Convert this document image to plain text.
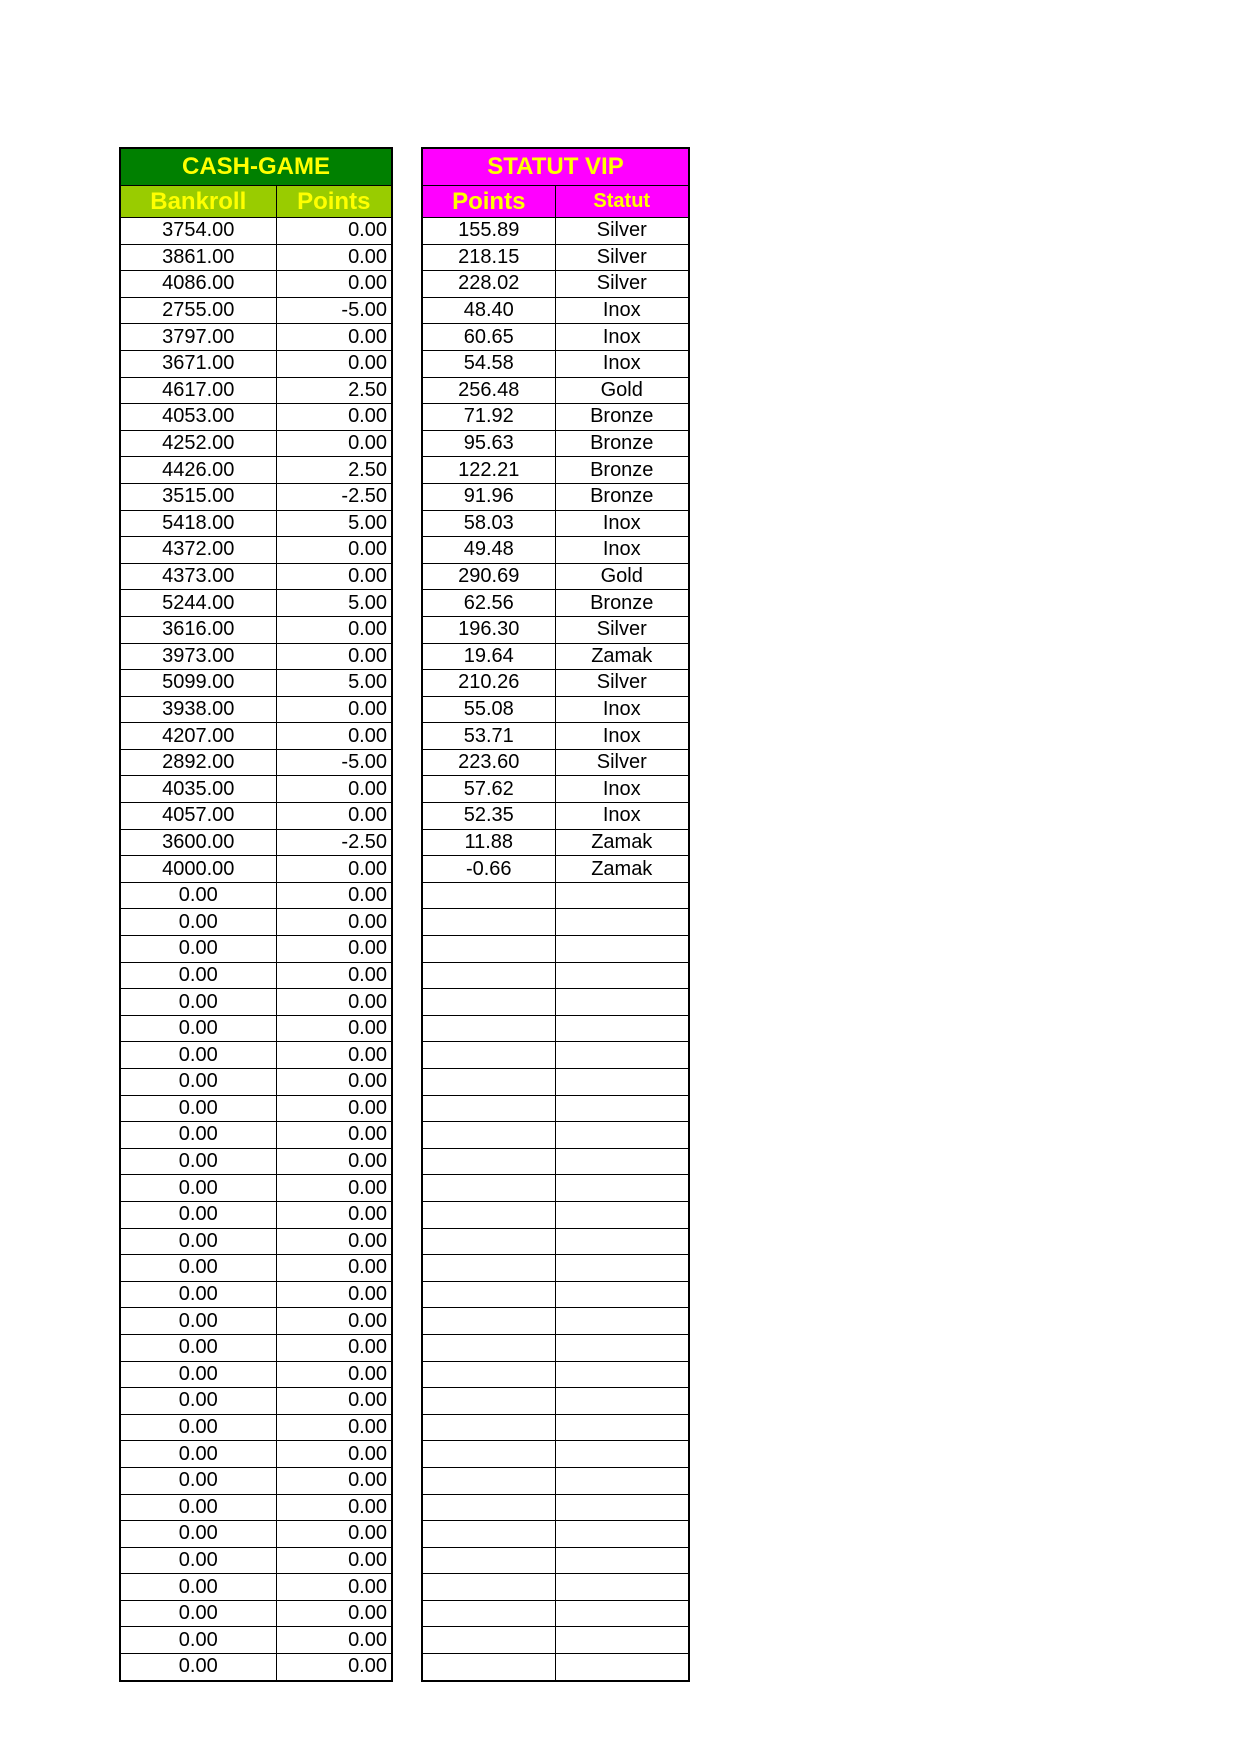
CASH-GAME	
Bankroll	Points
3754.00	0.00
3861.00	0.00
4086.00	0.00
2755.00	-5.00
3797.00	0.00
3671.00	0.00
4617.00	2.50
4053.00	0.00
4252.00	0.00
4426.00	2.50
3515.00	-2.50
5418.00	5.00
4372.00	0.00
4373.00	0.00
5244.00	5.00
3616.00	0.00
3973.00	0.00
5099.00	5.00
3938.00	0.00
4207.00	0.00
2892.00	-5.00
4035.00	0.00
4057.00	0.00
3600.00	-2.50
4000.00	0.00
0.00	0.00
0.00	0.00
0.00	0.00
0.00	0.00
0.00	0.00
0.00	0.00
0.00	0.00
0.00	0.00
0.00	0.00
0.00	0.00
0.00	0.00
0.00	0.00
0.00	0.00
0.00	0.00
0.00	0.00
0.00	0.00
0.00	0.00
0.00	0.00
0.00	0.00
0.00	0.00
0.00	0.00
0.00	0.00
0.00	0.00
0.00	0.00
0.00	0.00
0.00	0.00
0.00	0.00
0.00	0.00
0.00	0.00
0.00	0.00
STATUT VIP	
Points	Statut
155.89	Silver
218.15	Silver
228.02	Silver
48.40	Inox
60.65	Inox
54.58	Inox
256.48	Gold
71.92	Bronze
95.63	Bronze
122.21	Bronze
91.96	Bronze
58.03	Inox
49.48	Inox
290.69	Gold
62.56	Bronze
196.30	Silver
19.64	Zamak
210.26	Silver
55.08	Inox
53.71	Inox
223.60	Silver
57.62	Inox
52.35	Inox
11.88	Zamak
-0.66	Zamak
